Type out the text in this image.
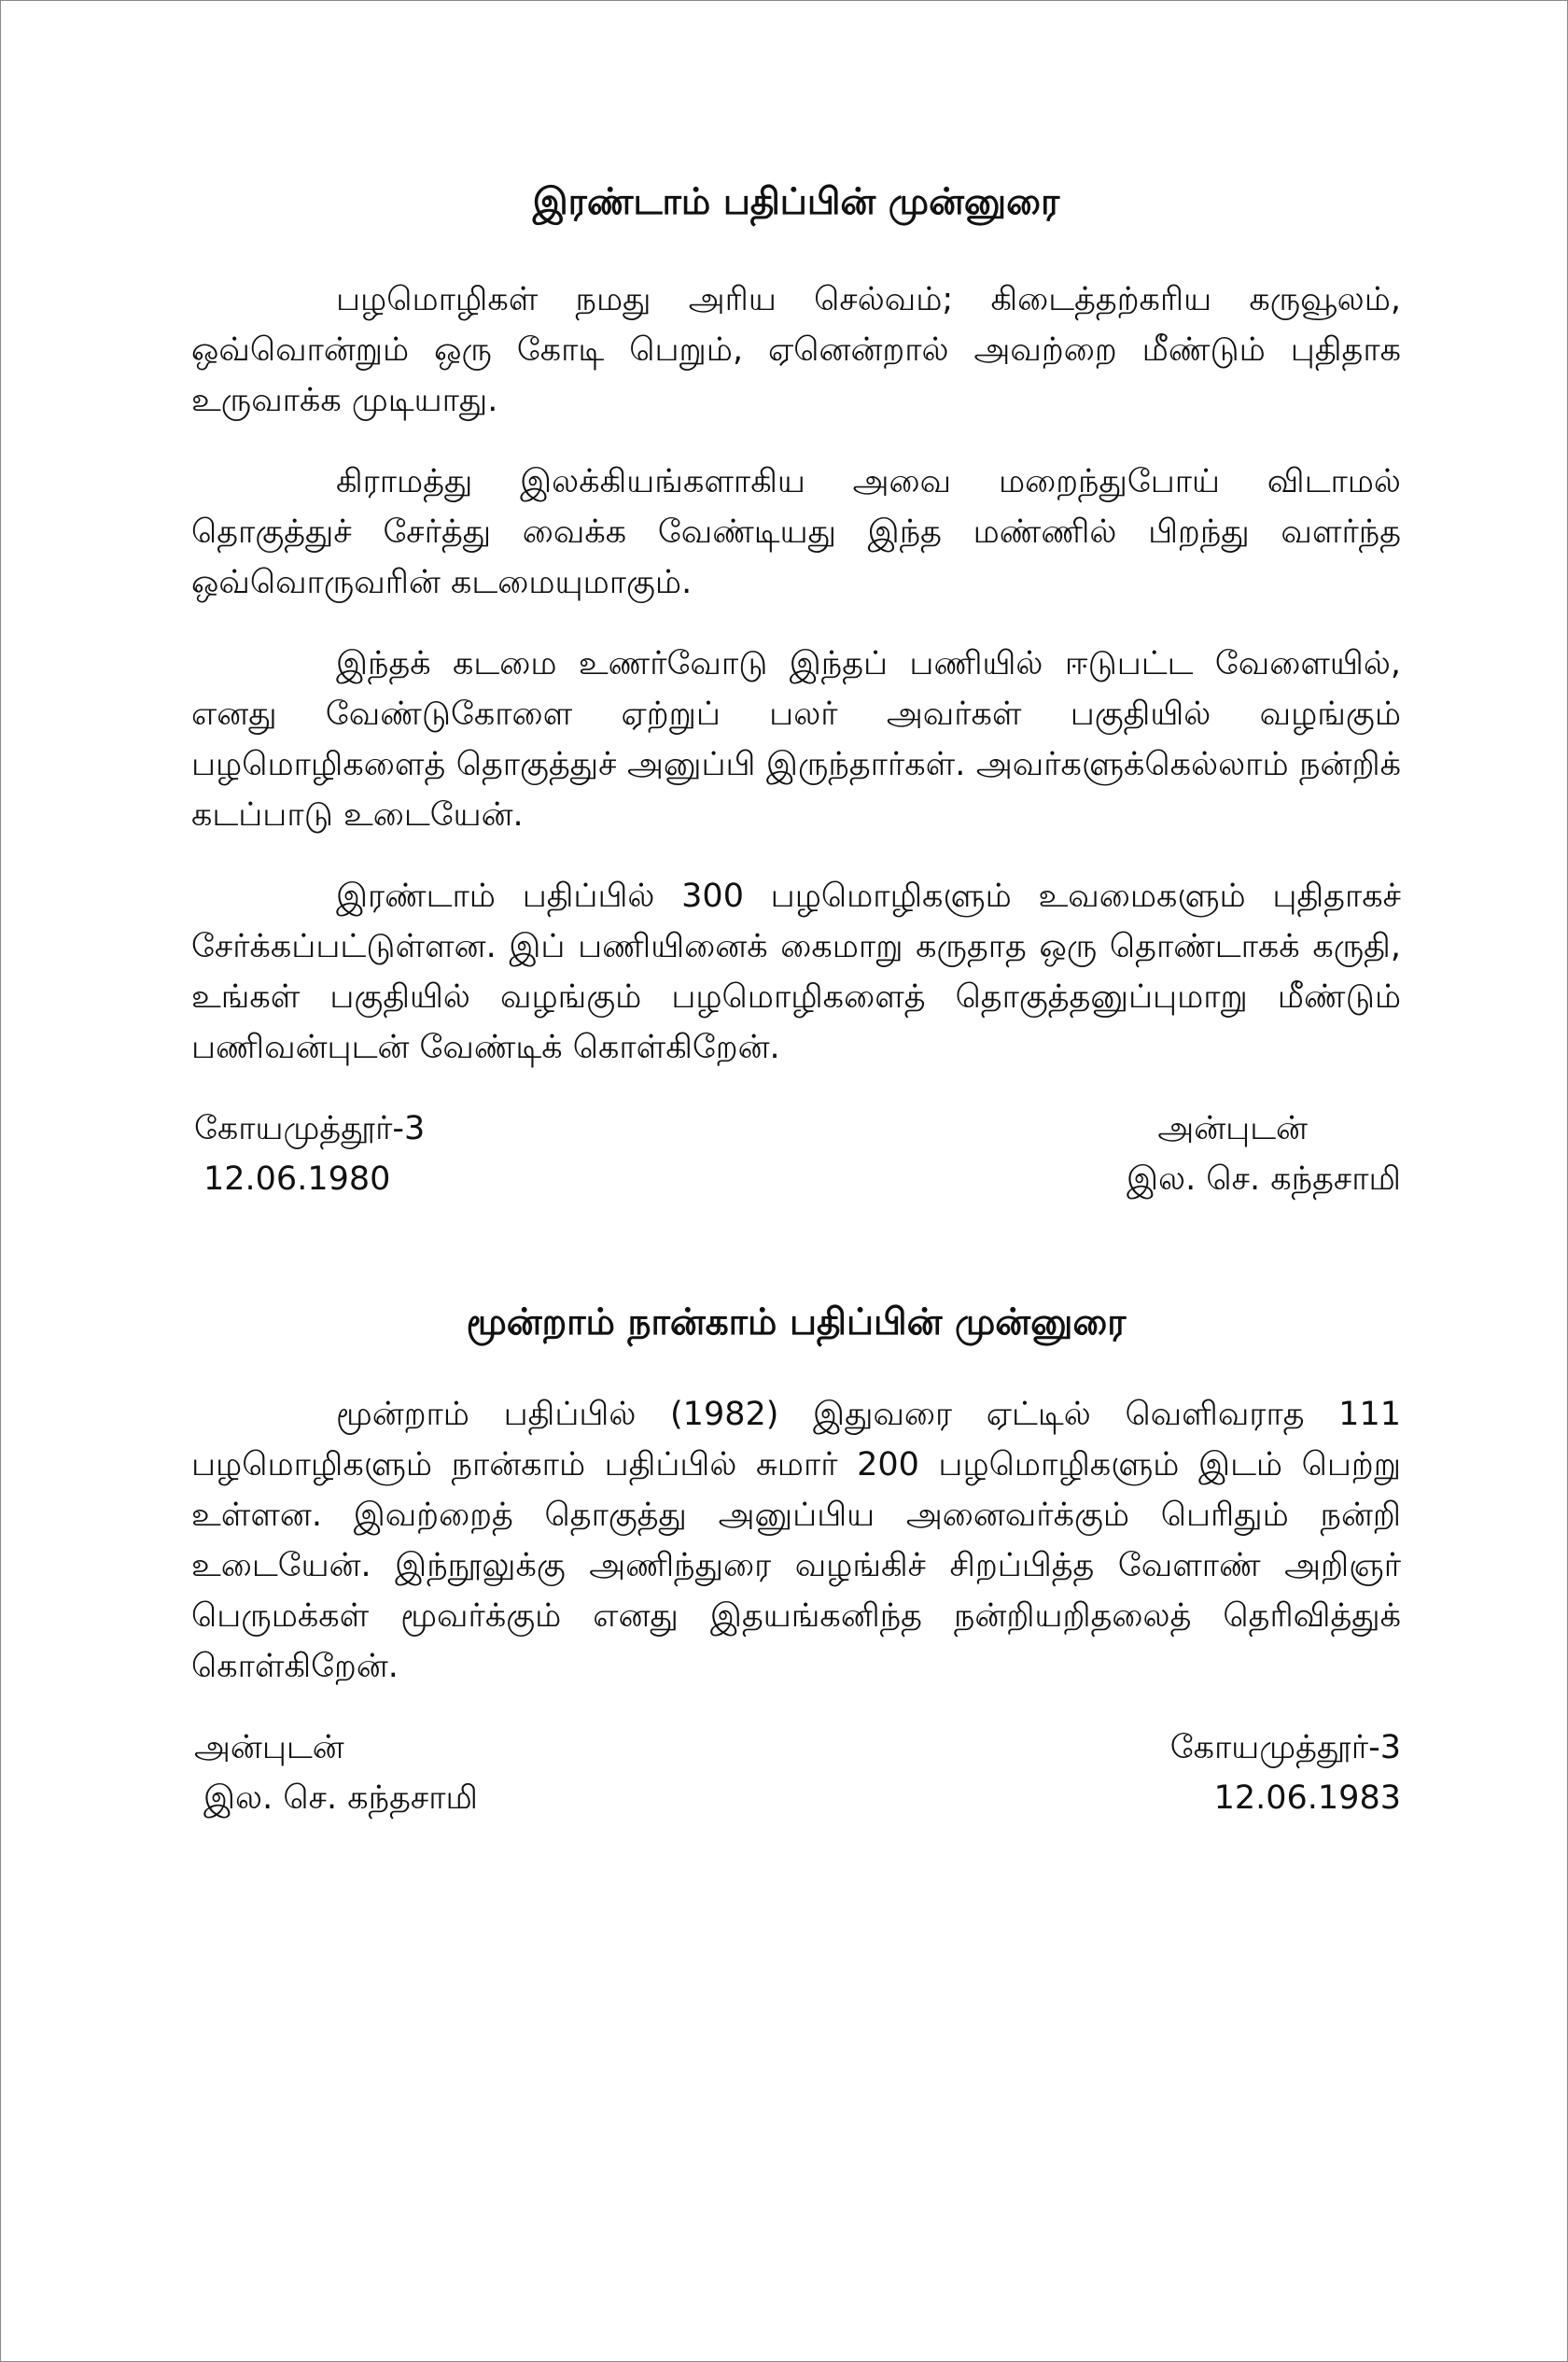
இரண்டாம் பதிப்பின் முன்னுரை

பழமொழிகள் நமது அரிய செல்வம்; கிடைத்தற்கரிய கருவூலம், ஒவ்வொன்றும் ஒரு கோடி பெறும், ஏனென்றால் அவற்றை மீண்டும் புதிதாக உருவாக்க முடியாது.

கிராமத்து இலக்கியங்களாகிய அவை மறைந்துபோய் விடாமல் தொகுத்துச் சேர்த்து வைக்க வேண்டியது இந்த மண்ணில் பிறந்து வளர்ந்த ஒவ்வொருவரின் கடமையுமாகும்.

இந்தக் கடமை உணர்வோடு இந்தப் பணியில் ஈடுபட்ட வேளையில், எனது வேண்டுகோளை ஏற்றுப் பலர் அவர்கள் பகுதியில் வழங்கும் பழமொழிகளைத் தொகுத்துச் அனுப்பி இருந்தார்கள். அவர்களுக்கெல்லாம் நன்றிக் கடப்பாடு உடையேன்.

இரண்டாம் பதிப்பில் 300 பழமொழிகளும் உவமைகளும் புதிதாகச் சேர்க்கப்பட்டுள்ளன. இப் பணியினைக் கைமாறு கருதாத ஒரு தொண்டாகக் கருதி, உங்கள் பகுதியில் வழங்கும் பழமொழிகளைத் தொகுத்தனுப்புமாறு மீண்டும் பணிவன்புடன் வேண்டிக் கொள்கிறேன்.

கோயமுத்தூர்-3
12.06.1980
அன்புடன்
இல. செ. கந்தசாமி
மூன்றாம் நான்காம் பதிப்பின் முன்னுரை

மூன்றாம் பதிப்பில் (1982) இதுவரை ஏட்டில் வெளிவராத 111 பழமொழிகளும் நான்காம் பதிப்பில் சுமார் 200 பழமொழிகளும் இடம் பெற்று உள்ளன. இவற்றைத் தொகுத்து அனுப்பிய அனைவர்க்கும் பெரிதும் நன்றி உடையேன். இந்நூலுக்கு அணிந்துரை வழங்கிச் சிறப்பித்த வேளாண் அறிஞர் பெருமக்கள் மூவர்க்கும் எனது இதயங்கனிந்த நன்றியறிதலைத் தெரிவித்துக் கொள்கிறேன்.

அன்புடன்
இல. செ. கந்தசாமி
கோயமுத்தூர்-3
12.06.1983
